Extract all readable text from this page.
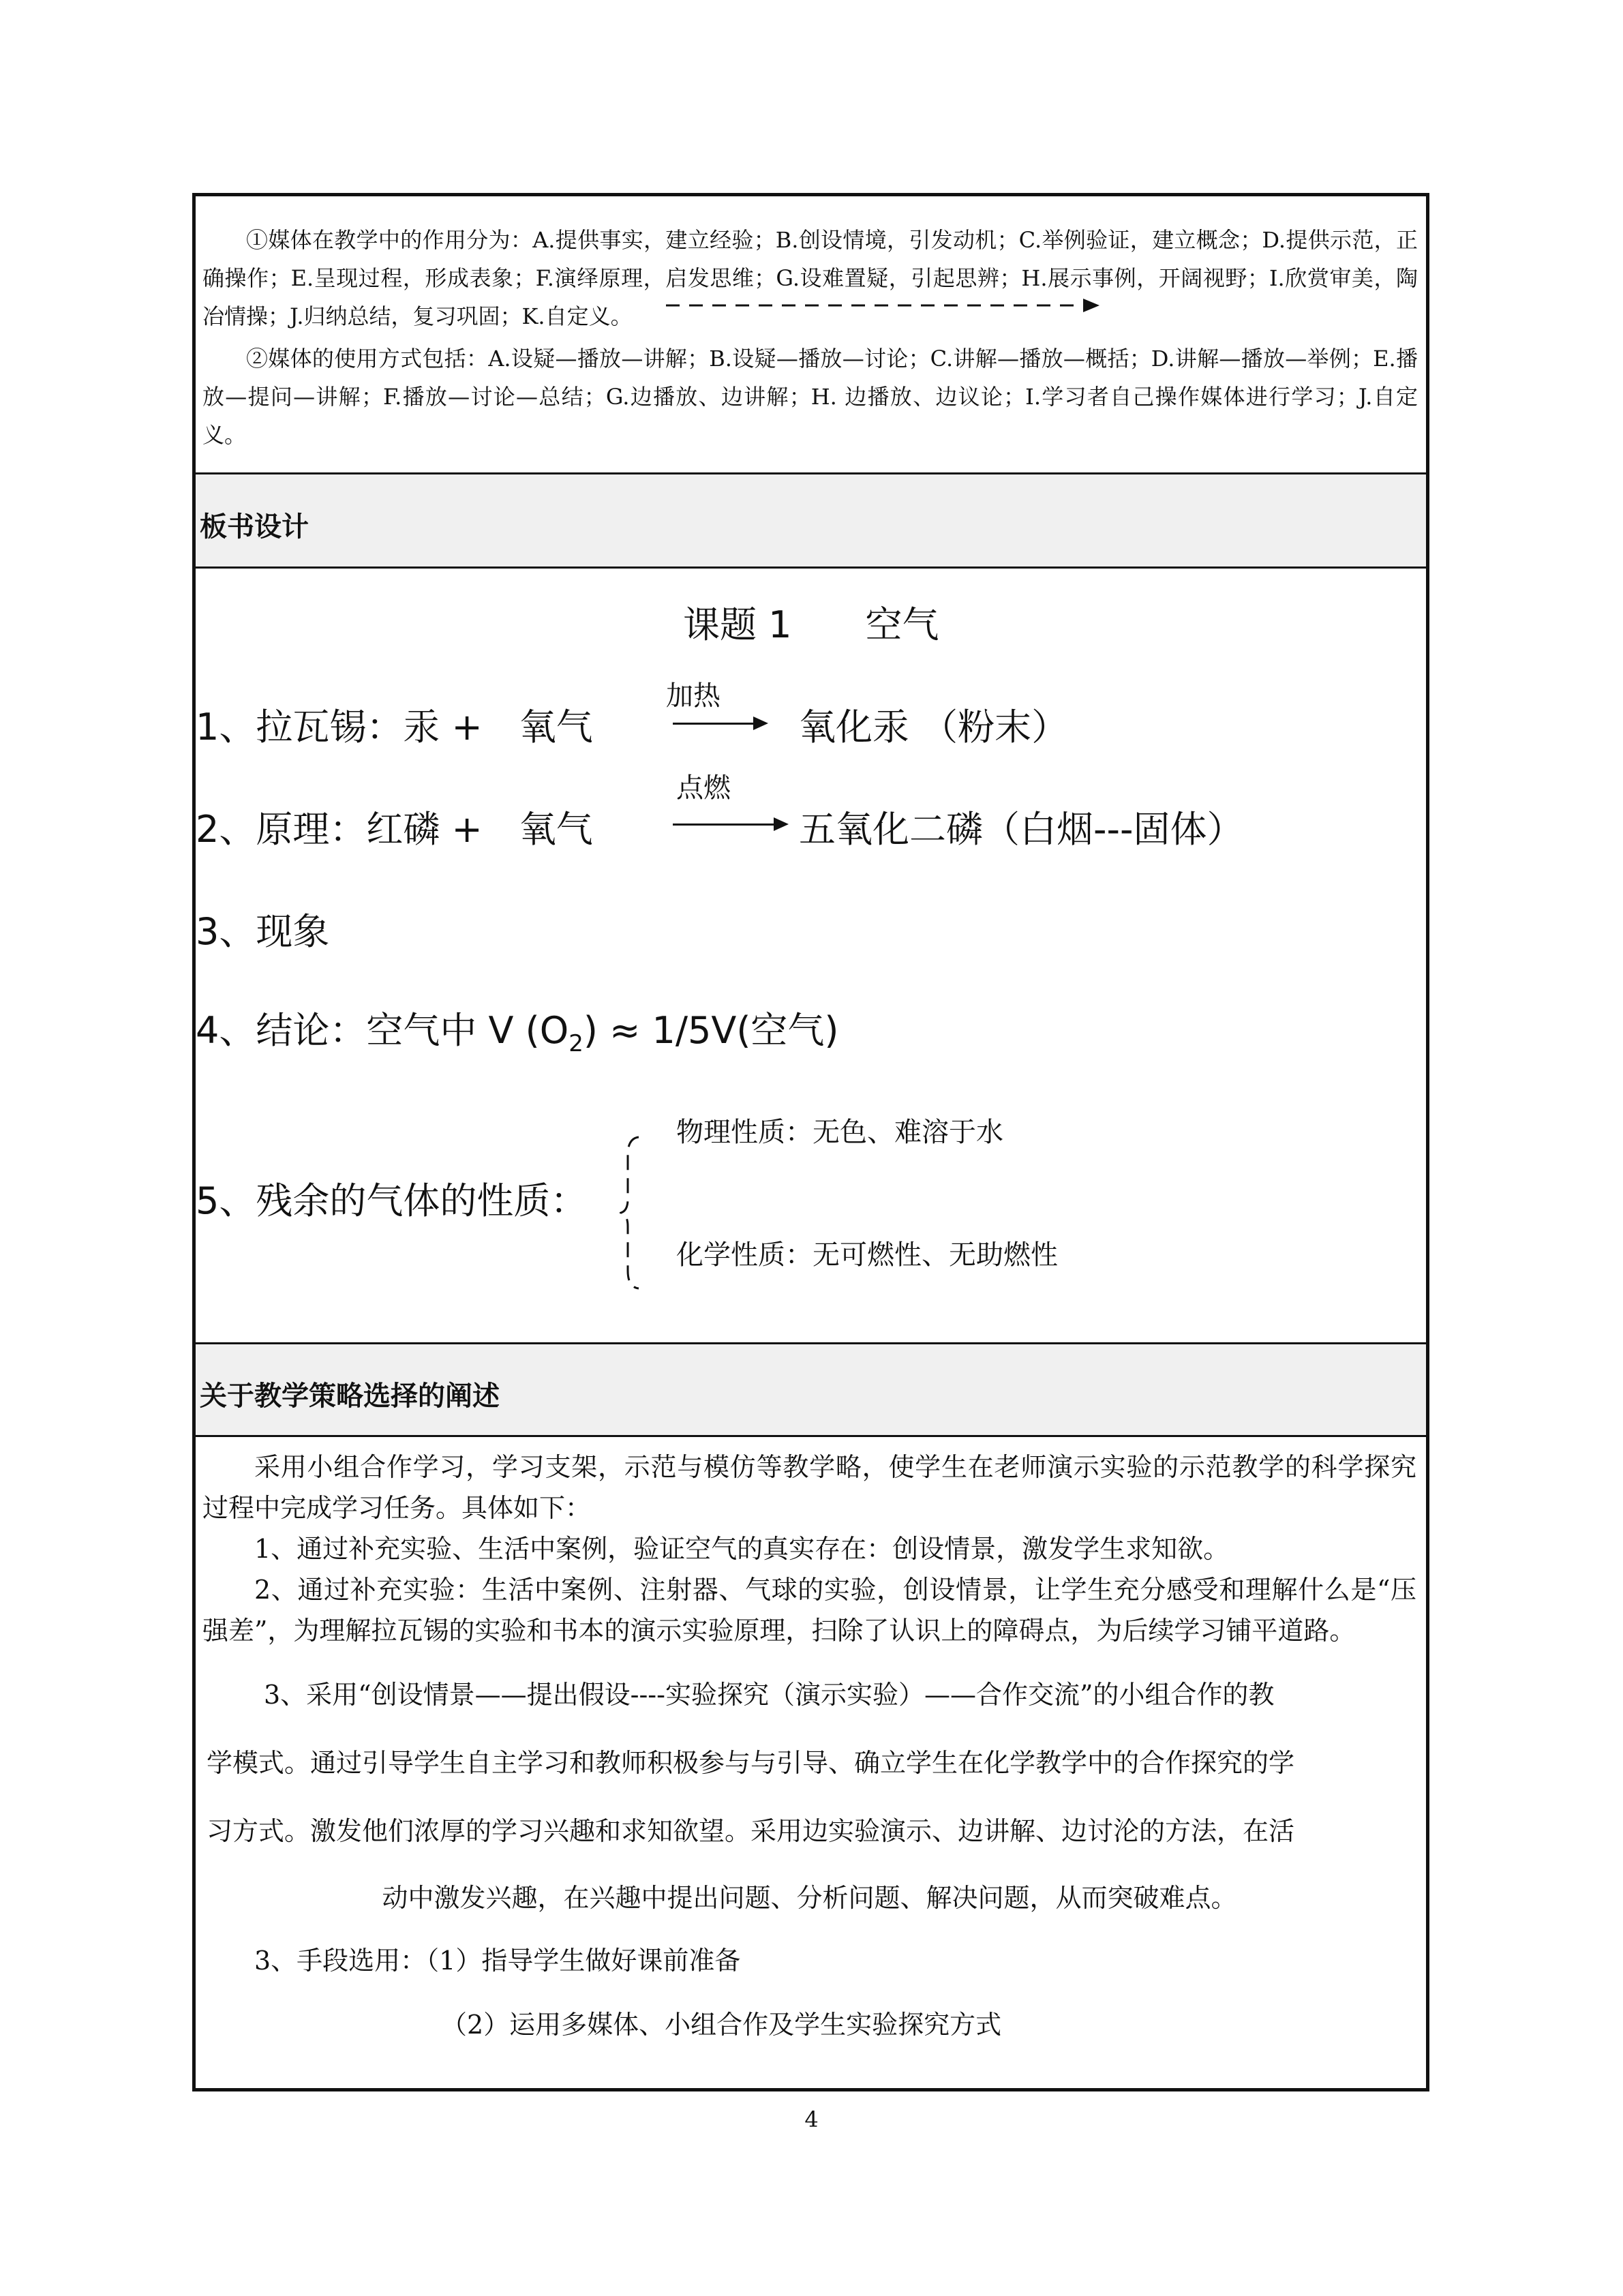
①媒体在教学中的作用分为：A.提供事实，建立经验；B.创设情境，引发动机；C.举例验证，建立概念；D.提供示范，正确操作；E.呈现过程，形成表象；F.演绎原理，启发思维；G.设难置疑，引起思辨；H.展示事例，开阔视野；I.欣赏审美，陶冶情操；J.归纳总结，复习巩固；K.自定义。
②媒体的使用方式包括：A.设疑—播放—讲解；B.设疑—播放—讨论；C.讲解—播放—概括；D.讲解—播放—举例；E.播放—提问—讲解；F.播放—讨论—总结；G.边播放、边讲解；H. 边播放、边议论；I.学习者自己操作媒体进行学习；J.自定义。
板书设计
课题 1　　空气
1、拉瓦锡：汞 +　氧气
加热
氧化汞 （粉末）
2、原理：红磷 +　氧气
点燃
五氧化二磷（白烟---固体）
3、现象
4、结论：空气中 V $(O_2) \approx 1/5V$(空气)
物理性质：无色、难溶于水
5、残余的气体的性质：
化学性质：无可燃性、无助燃性
关于教学策略选择的阐述
采用小组合作学习，学习支架，示范与模仿等教学略，使学生在老师演示实验的示范教学的科学探究过程中完成学习任务。具体如下：
1、通过补充实验、生活中案例，验证空气的真实存在：创设情景，激发学生求知欲。
2、通过补充实验：生活中案例、注射器、气球的实验，创设情景，让学生充分感受和理解什么是“压强差”，为理解拉瓦锡的实验和书本的演示实验原理，扫除了认识上的障碍点，为后续学习铺平道路。
3、采用“创设情景——提出假设----实验探究（演示实验）——合作交流”的小组合作的教
学模式。通过引导学生自主学习和教师积极参与与引导、确立学生在化学教学中的合作探究的学
习方式。激发他们浓厚的学习兴趣和求知欲望。采用边实验演示、边讲解、边讨沦的方法，在活
动中激发兴趣，在兴趣中提出问题、分析问题、解决问题，从而突破难点。
3、手段选用：（1）指导学生做好课前准备
（2）运用多媒体、小组合作及学生实验探究方式
4
